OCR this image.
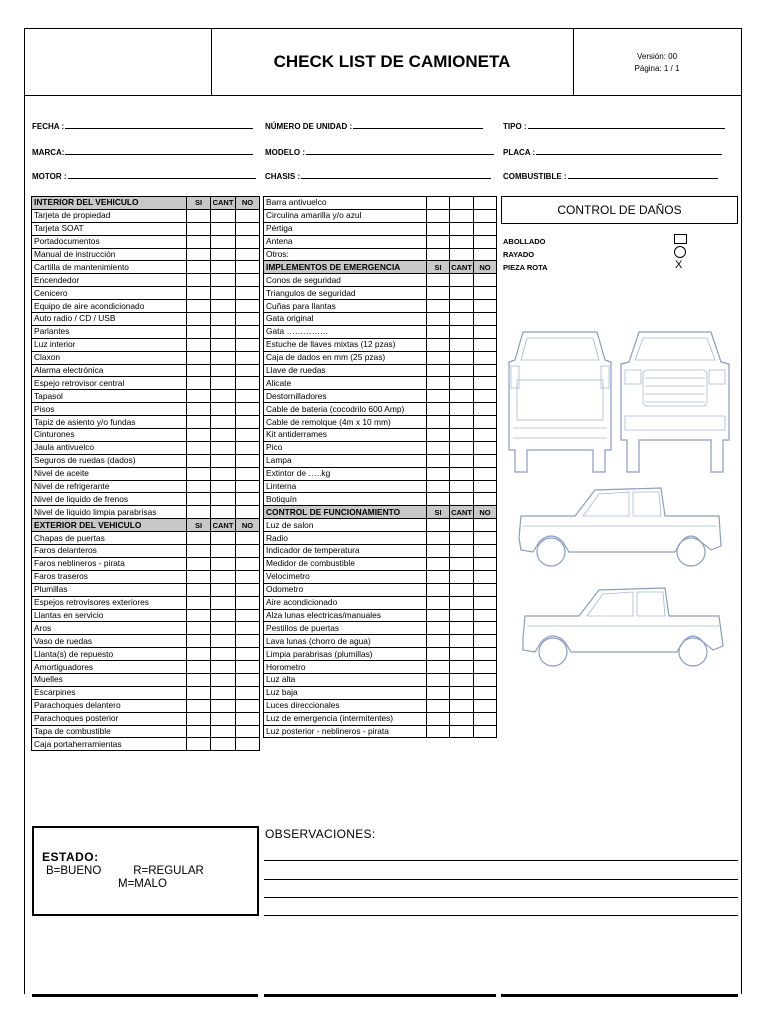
CHECK LIST DE CAMIONETA	Versión: 00
Página: 1 / 1
FECHA :	NÚMERO DE UNIDAD :	TIPO :
MARCA:	MODELO :	PLACA :
MOTOR :	CHASIS :	COMBUSTIBLE :
INTERIOR DEL VEHICULO	SI	CANT	NO
Tarjeta de propiedad			
Tarjeta SOAT			
Portadocumentos			
Manual de instrucción			
Cartilla de mantenimiento			
Encendedor			
Cenicero			
Equipo de aire acondicionado			
Auto radio / CD / USB			
Parlantes			
Luz interior			
Claxon			
Alarma electrónica			
Espejo retrovisor central			
Tapasol			
Pisos			
Tapiz de asiento y/o fundas			
Cinturones			
Jaula antivuelco			
Seguros de ruedas (dados)			
Nivel de aceite			
Nivel de refrigerante			
Nivel de liquido de frenos			
Nivel de liquido limpia parabrisas			
EXTERIOR DEL VEHICULO	SI	CANT	NO
Chapas de puertas			
Faros delanteros			
Faros neblineros - pirata			
Faros traseros			
Plumillas			
Espejos retrovisores exteriores			
Llantas en servicio			
Aros			
Vaso de ruedas			
Llanta(s) de repuesto			
Amortiguadores			
Muelles			
Escarpines			
Parachoques delantero			
Parachoques posterior			
Tapa de combustible			
Caja portaherramientas			
Barra antivuelco			
Circulina amarilla y/o azul			
Pértiga			
Antena			
Otros:			
IMPLEMENTOS DE EMERGENCIA	SI	CANT	NO
Conos de seguridad			
Triangulos de seguridad			
Cuñas para llantas			
Gata original			
Gata ……………			
Estuche de llaves mixtas (12 pzas)			
Caja de dados en mm (25 pzas)			
Llave de ruedas			
Alicate			
Destornilladores			
Cable de bateria (cocodrilo 600 Amp)			
Cable de remolque (4m x 10 mm)			
Kit antiderrames			
Pico			
Lampa			
Extintor de …..kg			
Linterna			
Botiquín			
CONTROL DE FUNCIONAMIENTO	SI	CANT	NO
Luz de salon			
Radio			
Indicador de temperatura			
Medidor de combustible			
Velocimetro			
Odometro			
Aire acondicionado			
Alza lunas electricas/manuales			
Pestillos de puertas			
Lava lunas (chorro de agua)			
Limpia parabrisas (plumillas)			
Horometro			
Luz alta			
Luz baja			
Luces direccionales			
Luz de emergencia (intermitentes)			
Luz posterior - neblineros - pirata			
CONTROL DE DAÑOS
ABOLLADO
RAYADO
PIEZA ROTA	X
ESTADO:
B=BUENO          R=REGULAR
M=MALO
OBSERVACIONES:
